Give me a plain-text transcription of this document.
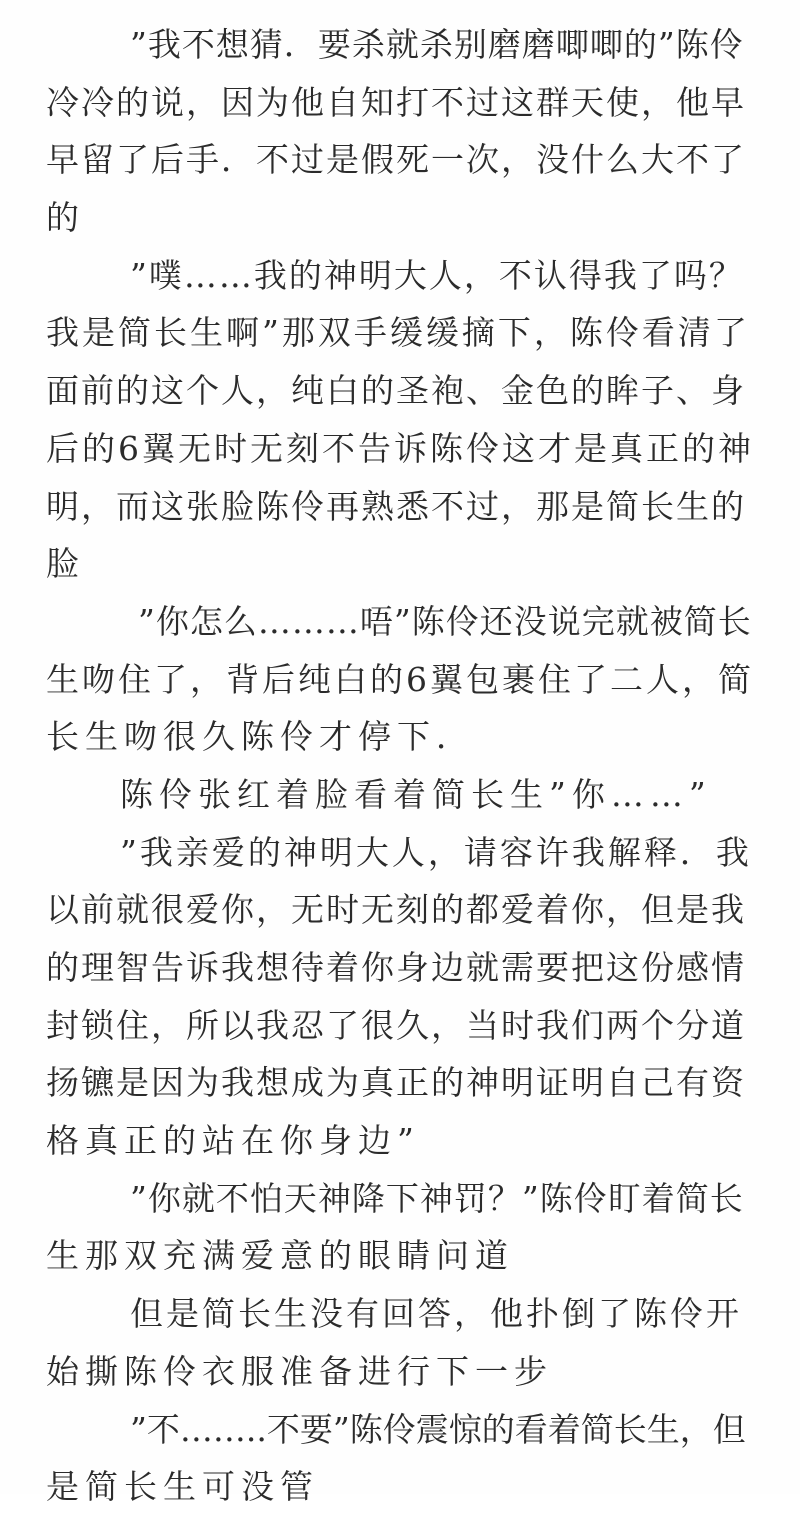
”我不想猜．要杀就杀别磨磨唧唧的”陈伶
冷冷的说，因为他自知打不过这群天使，他早
早留了后手．不过是假死一次，没什么大不了
的
”噗……我的神明大人，不认得我了吗？
我是简长生啊”那双手缓缓摘下，陈伶看清了
面前的这个人，纯白的圣袍、金色的眸子、身
后的6翼无时无刻不告诉陈伶这才是真正的神
明，而这张脸陈伶再熟悉不过，那是简长生的
脸
”你怎么………唔”陈伶还没说完就被简长
生吻住了，背后纯白的6翼包裹住了二人，简
长生吻很久陈伶才停下．
陈伶张红着脸看着简长生”你……”
”我亲爱的神明大人，请容许我解释．我
以前就很爱你，无时无刻的都爱着你，但是我
的理智告诉我想待着你身边就需要把这份感情
封锁住，所以我忍了很久，当时我们两个分道
扬镳是因为我想成为真正的神明证明自己有资
格真正的站在你身边”
”你就不怕天神降下神罚？”陈伶盯着简长
生那双充满爱意的眼睛问道
但是简长生没有回答，他扑倒了陈伶开
始撕陈伶衣服准备进行下一步
”不……..不要”陈伶震惊的看着简长生，但
是简长生可没管
